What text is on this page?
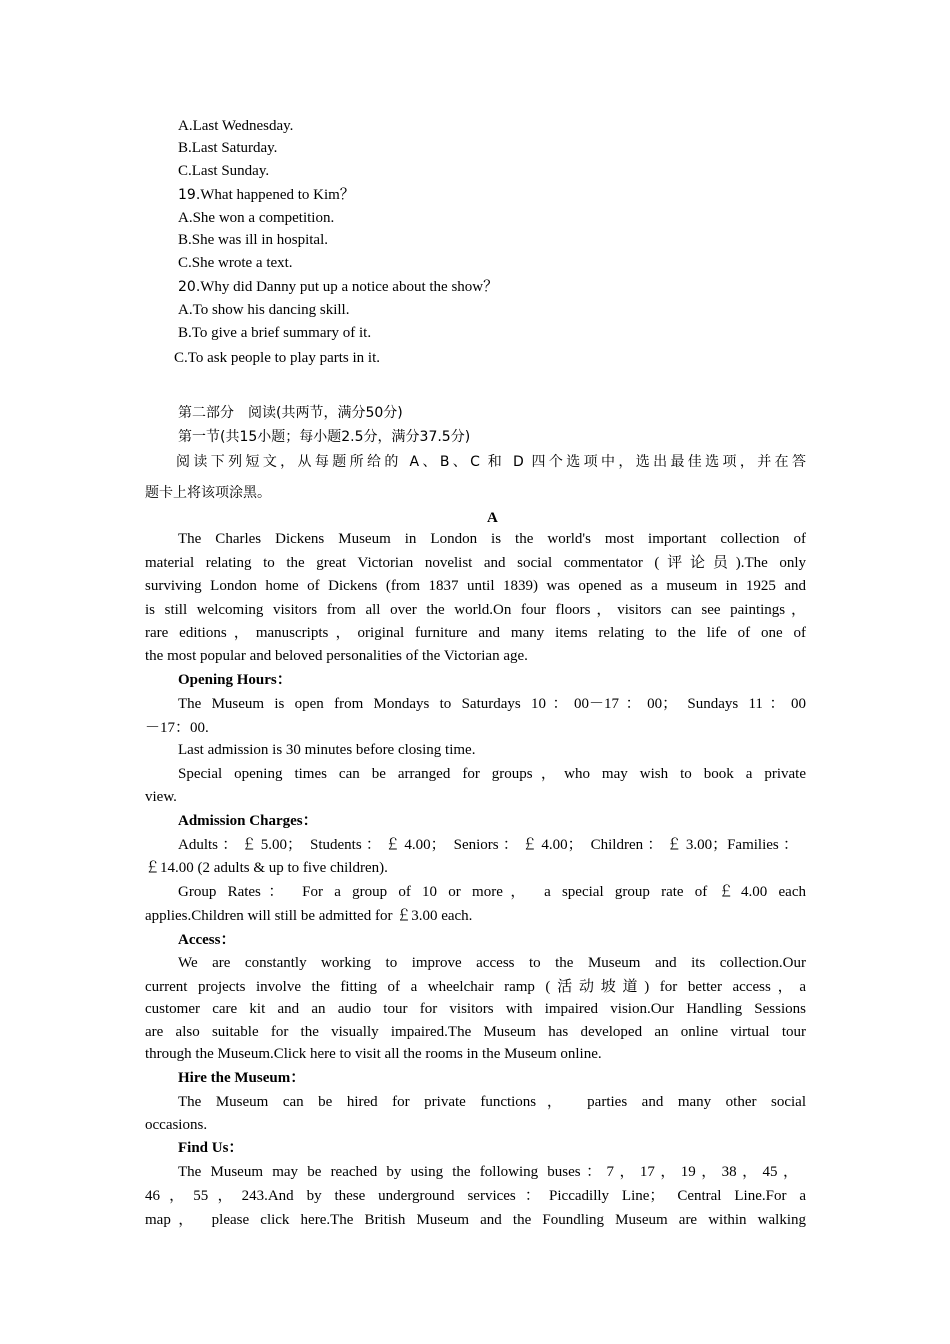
A.Last Wednesday.
B.Last Saturday.
C.Last Sunday.
19.What happened to Kim？
A.She won a competition.
B.She was ill in hospital.
C.She wrote a text.
20.Why did Danny put up a notice about the show？
A.To show his dancing skill.
B.To give a brief summary of it.
C.To ask people to play parts in it.
第二部分　阅读(共两节，满分50分)
第一节(共15小题；每小题2.5分，满分37.5分)
阅读下列短文，从每题所给的 A、B、C 和 D 四个选项中，选出最佳选项，并在答
题卡上将该项涂黑。
A
The Charles Dickens Museum in London is the world's most important collection of
material relating to the great Victorian novelist and social commentator (评论员).The only
surviving London home of Dickens (from 1837 until 1839) was opened as a museum in 1925 and
is still welcoming visitors from all over the world.On four floors，visitors can see paintings，
rare editions，manuscripts，original furniture and many items relating to the life of one of
the most popular and beloved personalities of the Victorian age.
Opening Hours：
The Museum is open from Mondays to Saturdays 10：00－17：00； Sundays 11：00
－17：00.
Last admission is 30 minutes before closing time.
Special opening times can be arranged for groups，who may wish to book a private
view.
Admission Charges：
Adults：￡5.00； Students：￡4.00； Seniors：￡4.00； Children：￡3.00；Families：
￡14.00 (2 adults & up to five children).
Group Rates： For a group of 10 or more， a special group rate of ￡4.00 each
applies.Children will still be admitted for ￡3.00 each.
Access：
We are constantly working to improve access to the Museum and its collection.Our
current projects involve the fitting of a wheelchair ramp (活动坡道) for better access，a
customer care kit and an audio tour for visitors with impaired vision.Our Handling Sessions
are also suitable for the visually impaired.The Museum has developed an online virtual tour
through the Museum.Click here to visit all the rooms in the Museum online.
Hire the Museum：
The Museum can be hired for private functions， parties and many other social
occasions.
Find Us：
The Museum may be reached by using the following buses：7，17，19，38，45，
46，55，243.And by these underground services：Piccadilly Line； Central Line.For a
map， please click here.The British Museum and the Foundling Museum are within walking
